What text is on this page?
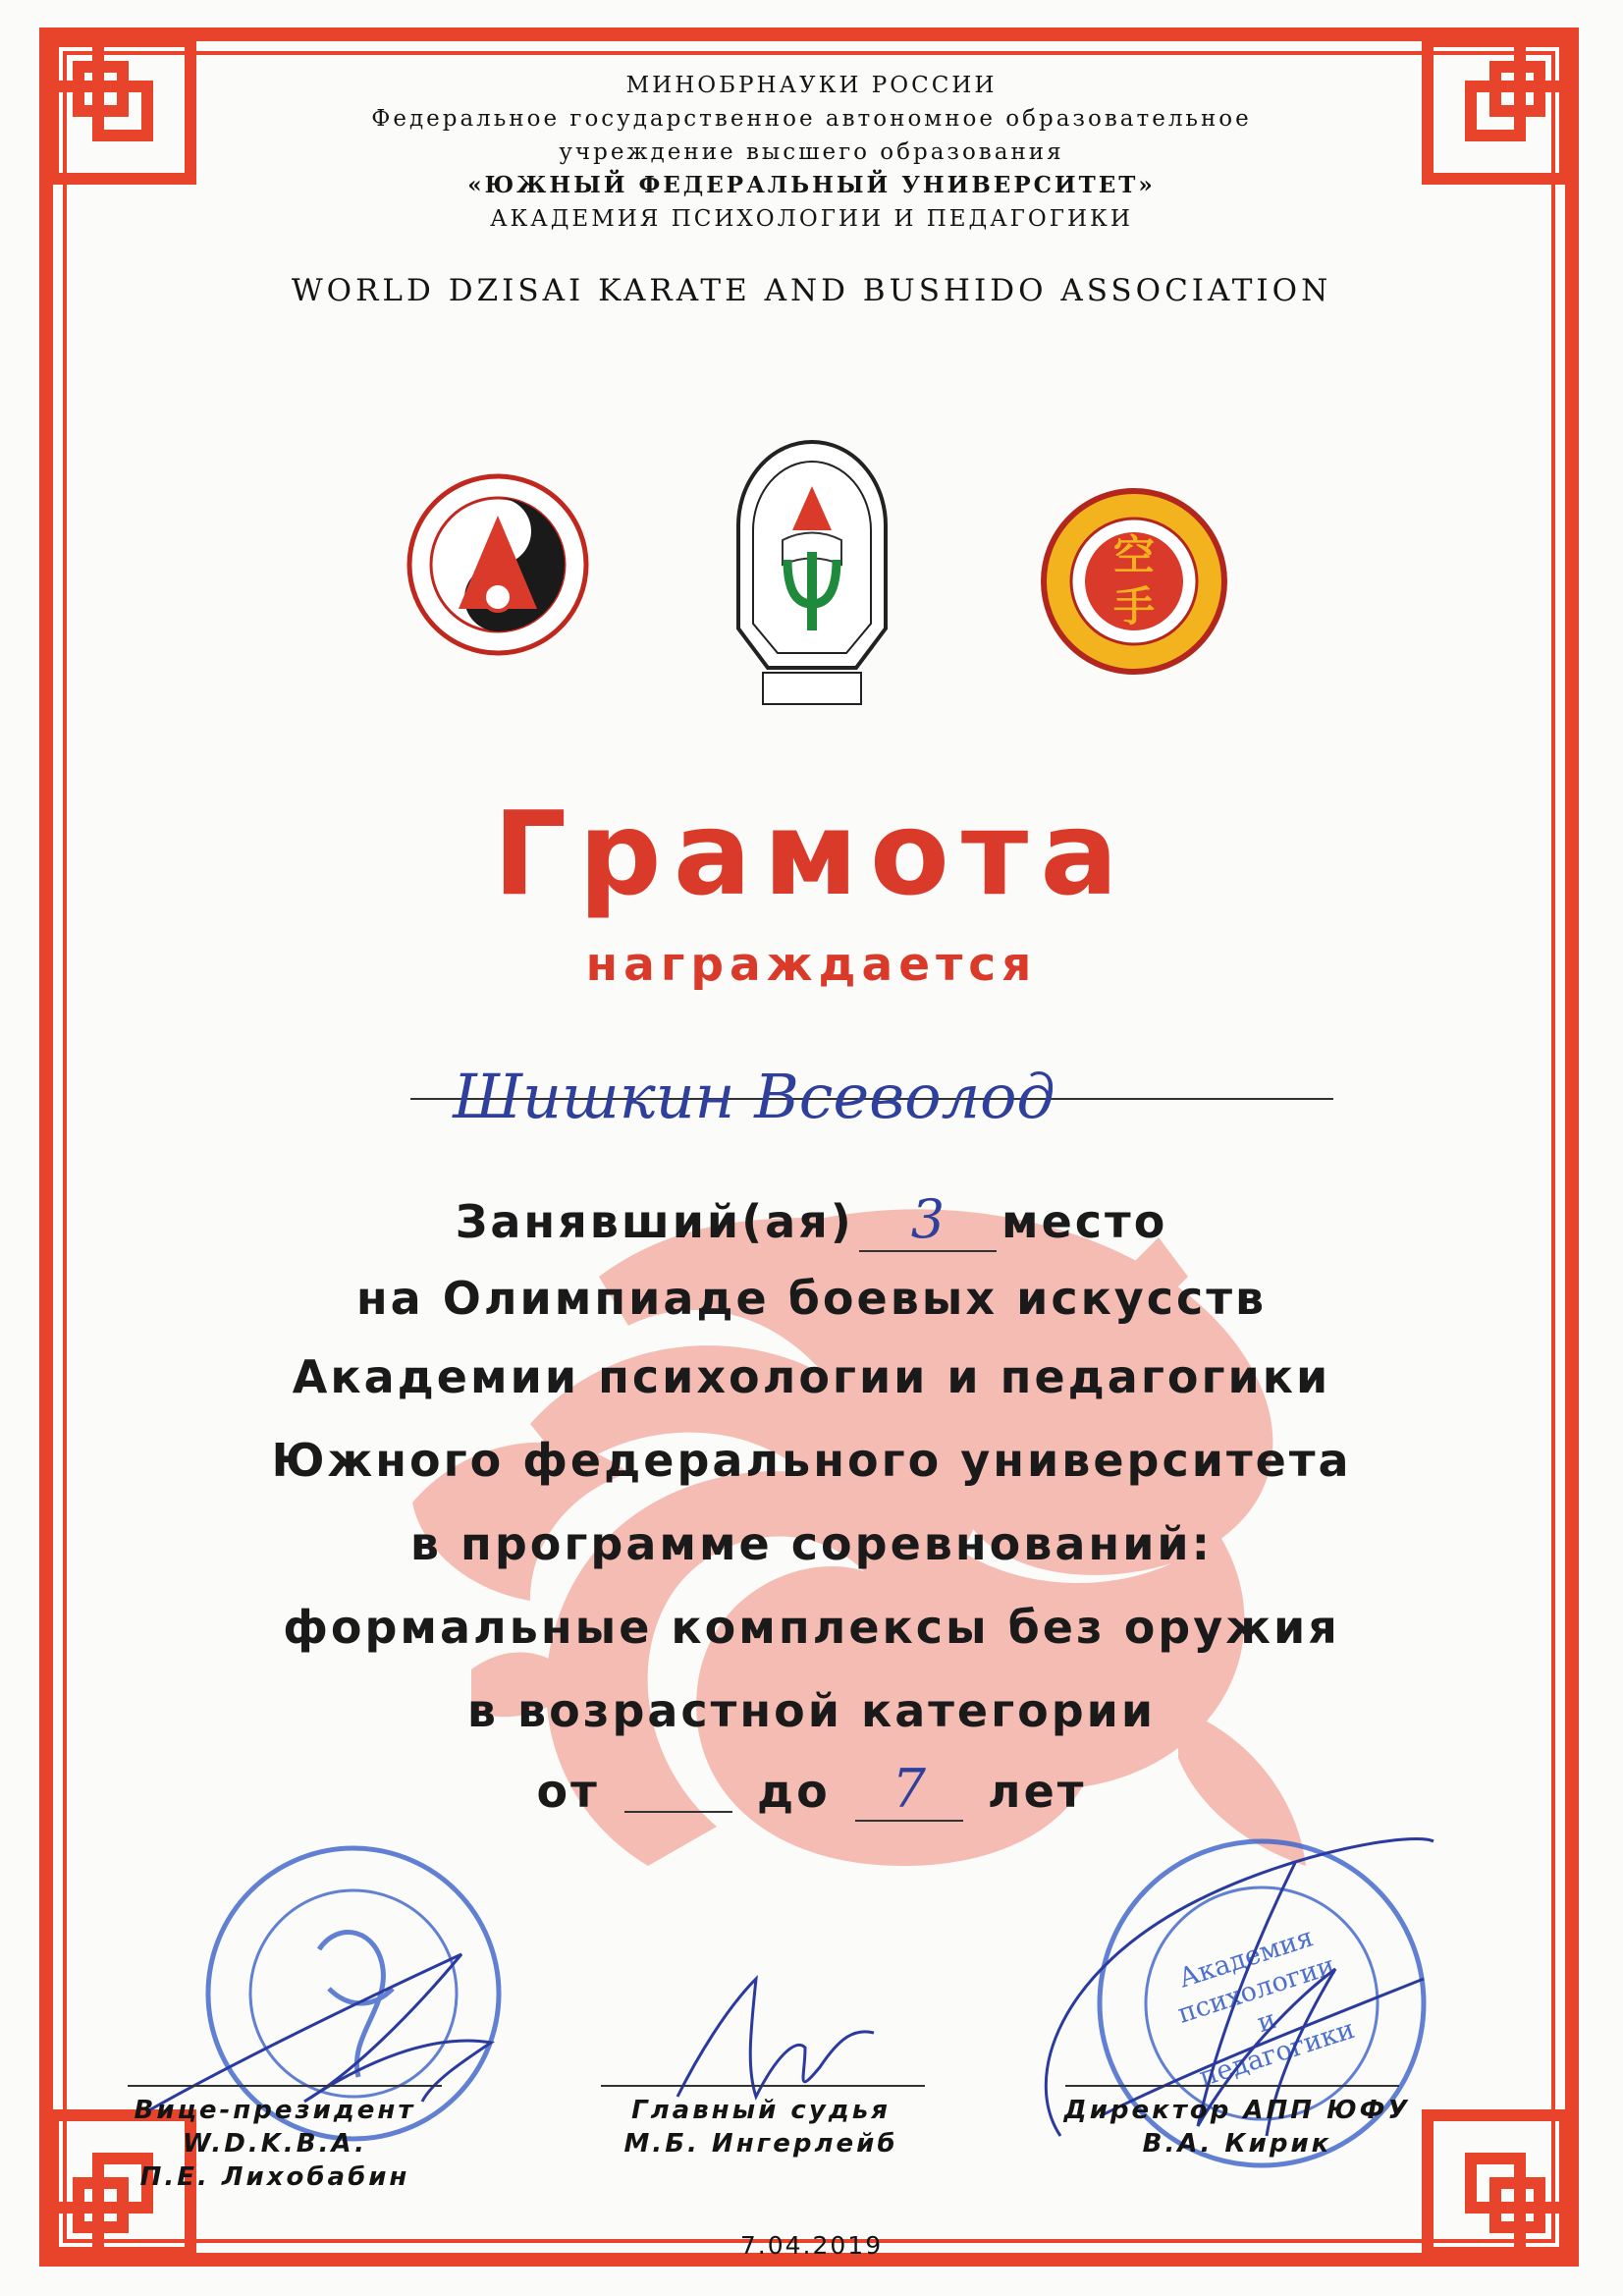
МИНОБРНАУКИ РОССИИ
Федеральное государственное автономное образовательное
учреждение высшего образования
«ЮЖНЫЙ ФЕДЕРАЛЬНЫЙ УНИВЕРСИТЕТ»
АКАДЕМИЯ ПСИХОЛОГИИ И ПЕДАГОГИКИ
WORLD DZISAI KARATE AND BUSHIDO ASSOCIATION
空手
Грамота
награждается
Шишкин Всеволод
Занявший(ая) 3 место
на Олимпиаде боевых искусств
Академии психологии и педагогики
Южного федерального университета
в программе соревнований:
формальные комплексы без оружия
в возрастной категории
от	до 7 лет
Академия психологии и педагогики
Вице-президент
W.D.K.B.A.
П.Е. Лихобабин
Главный судья
М.Б. Ингерлейб
Директор АПП ЮФУ
В.А. Кирик
7.04.2019
